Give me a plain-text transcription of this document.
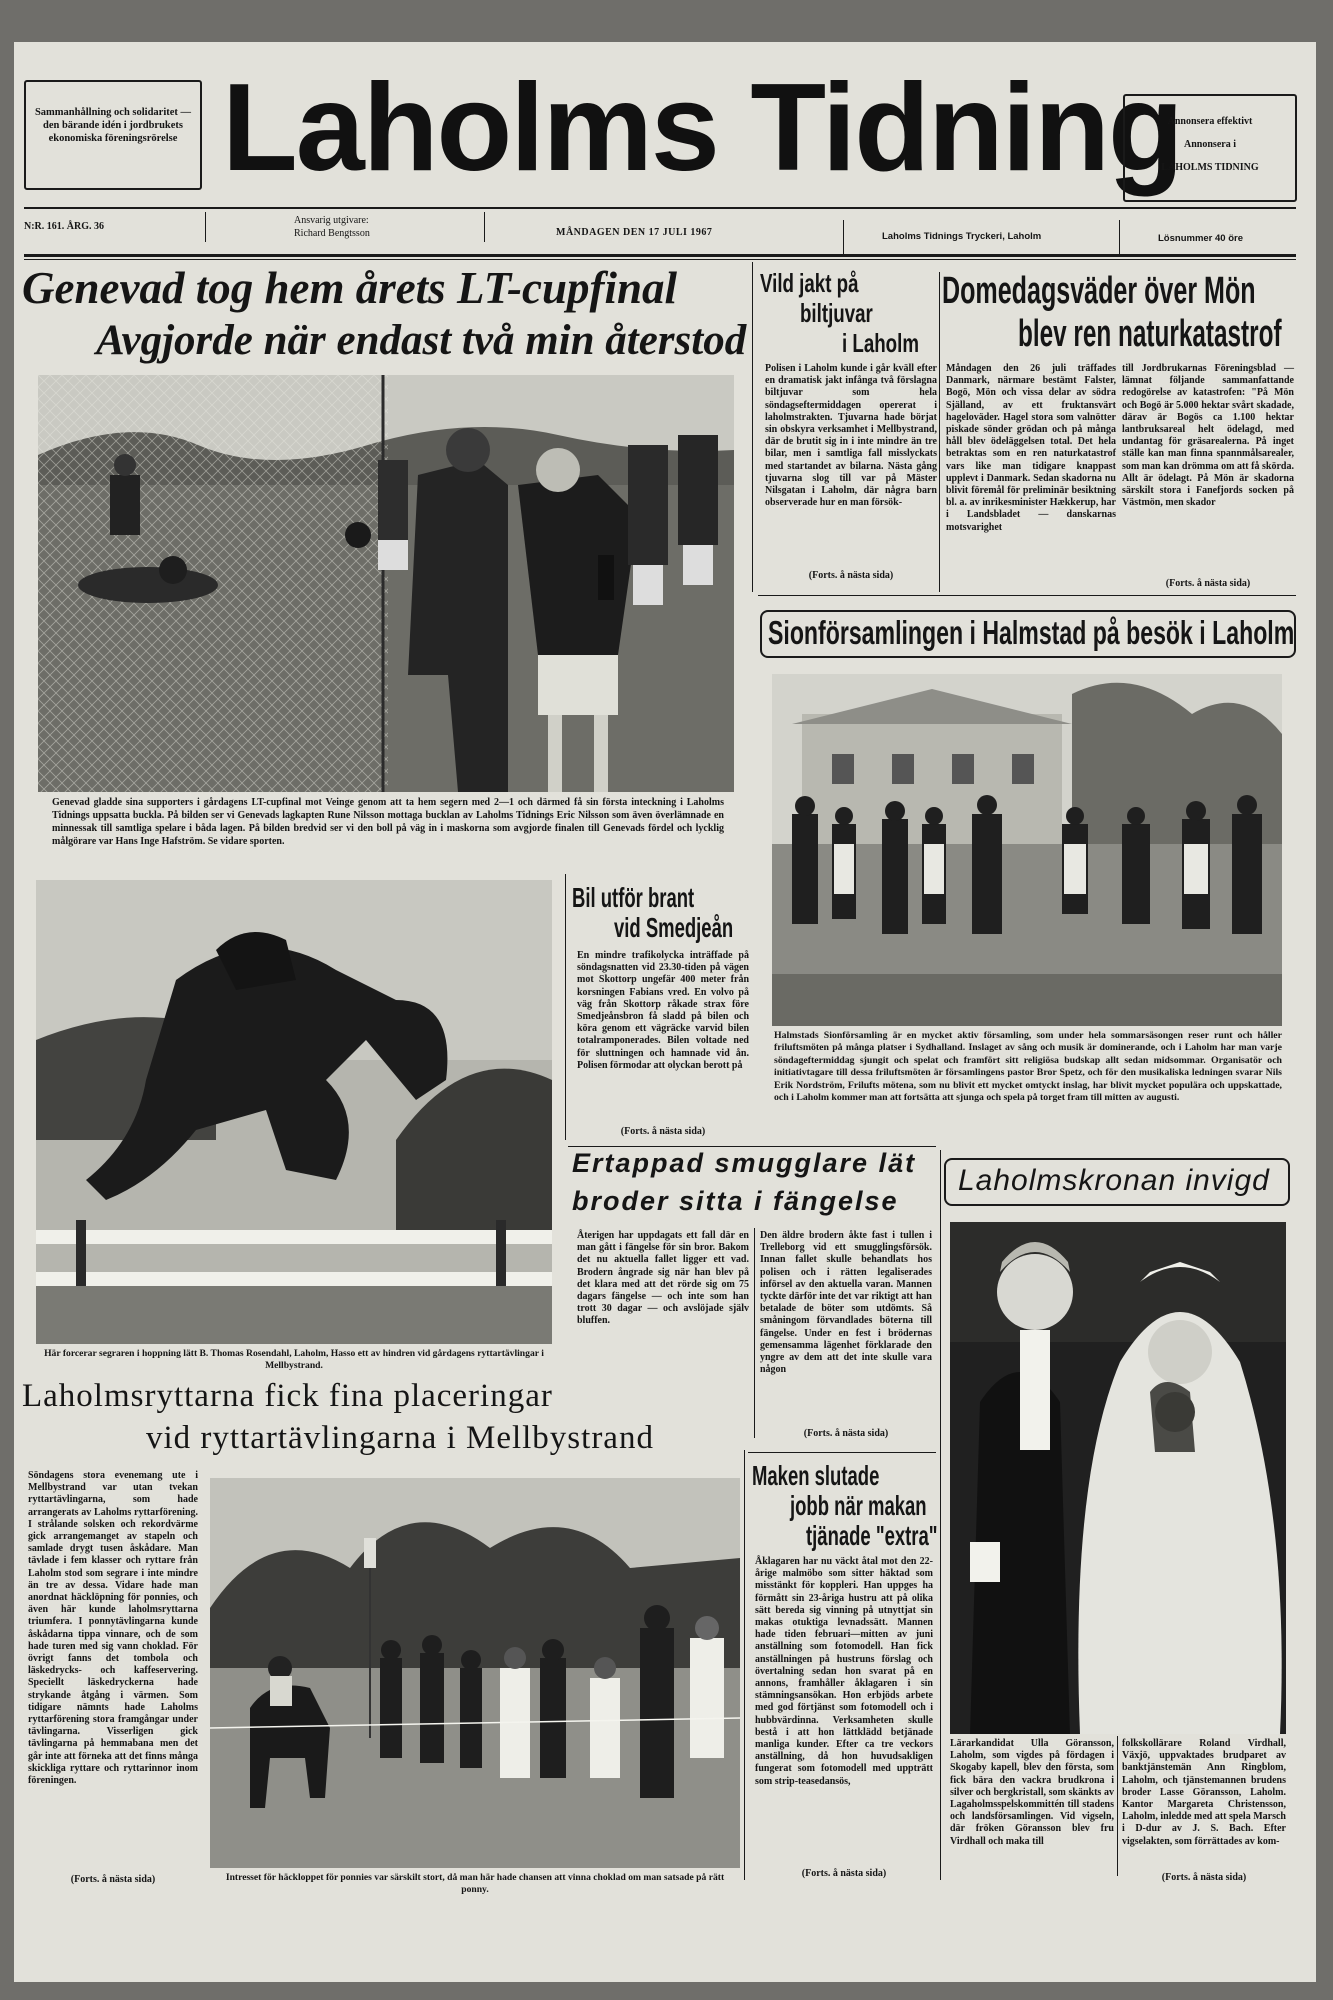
Sammanhållning och solidaritet — den bärande idén i jordbrukets ekonomiska föreningsrörelse Laholms Tidning
Annonsera effektivt
Annonsera i
LAHOLMS TIDNING
N:R. 161. ÅRG. 36
Ansvarig utgivare:
Richard Bengtsson	MÅNDAGEN DEN 17 JULI 1967	Laholms Tidnings Tryckeri, Laholm	Lösnummer 40 öre
Genevad tog hem årets LT-cupfinal
Avgjorde när endast två min återstod
Genevad gladde sina supporters i gårdagens LT-cupfinal mot Veinge genom att ta hem segern med 2—1 och därmed få sin första inteckning i Laholms Tidnings uppsatta buckla. På bilden ser vi Genevads lagkapten Rune Nilsson mottaga bucklan av Laholms Tidnings Eric Nilsson som även överlämnade en minnessak till samtliga spelare i båda lagen. På bilden bredvid ser vi den boll på väg in i maskorna som avgjorde finalen till Genevads fördel och lycklig målgörare var Hans Inge Hafström. Se vidare sporten.
Vild jakt på
biltjuvar
i Laholm
Polisen i Laholm kunde i går kväll efter en dramatisk jakt infånga två förslagna biltjuvar som hela söndagseftermiddagen opererat i laholmstrakten. Tjuvarna hade börjat sin obskyra verksamhet i Mellbystrand, där de brutit sig in i inte mindre än tre bilar, men i samtliga fall misslyckats med startandet av bilarna. Nästa gång tjuvarna slog till var på Mäster Nilsgatan i Laholm, där några barn observerade hur en man försök-
(Forts. å nästa sida)
Domedagsväder över Mön
blev ren naturkatastrof
Måndagen den 26 juli träffades Danmark, närmare bestämt Falster, Bogö, Mön och vissa delar av södra Själland, av ett fruktansvärt hageloväder. Hagel stora som valnötter piskade sönder grödan och på många håll blev ödeläggelsen total. Det hela betraktas som en ren naturkatastrof vars like man tidigare knappast upplevt i Danmark. Sedan skadorna nu blivit föremål för preliminär besiktning bl. a. av inrikesminister Hækkerup, har i Landsbladet — danskarnas motsvarighet
till Jordbrukarnas Föreningsblad — lämnat följande sammanfattande redogörelse av katastrofen: "På Mön och Bogö är 5.000 hektar svårt skadade, därav är Bogös ca 1.100 hektar lantbruksareal helt ödelagd, med undantag för gräsarealerna. På inget ställe kan man finna spannmålsarealer, som man kan drömma om att få skörda. Allt är ödelagt. På Mön är skadorna särskilt stora i Fanefjords socken på Västmön, men skador
(Forts. å nästa sida)
Sionförsamlingen i Halmstad på besök i Laholm
Halmstads Sionförsamling är en mycket aktiv församling, som under hela sommarsäsongen reser runt och håller friluftsmöten på många platser i Sydhalland. Inslaget av sång och musik är dominerande, och i Laholm har man varje söndageftermiddag sjungit och spelat och framfört sitt religiösa budskap allt sedan midsommar. Organisatör och initiativtagare till dessa friluftsmöten är församlingens pastor Bror Spetz, och för den musikaliska ledningen svarar Nils Erik Nordström, Frilufts mötena, som nu blivit ett mycket omtyckt inslag, har blivit mycket populära och uppskattade, och i Laholm kommer man att fortsätta att sjunga och spela på torget fram till mitten av augusti.
Här forcerar segraren i hoppning lätt B. Thomas Rosendahl, Laholm, Hasso ett av hindren vid gårdagens ryttartävlingar i Mellbystrand.
Bil utför brant
vid Smedjeån
En mindre trafikolycka inträffade på söndagsnatten vid 23.30-tiden på vägen mot Skottorp ungefär 400 meter från korsningen Fabians vred. En volvo på väg från Skottorp råkade strax före Smedjeånsbron få sladd på bilen och köra genom ett vägräcke varvid bilen totalramponerades. Bilen voltade ned för sluttningen och hamnade vid ån. Polisen förmodar att olyckan berott på
(Forts. å nästa sida)
Ertappad smugglare lät
broder sitta i fängelse
Återigen har uppdagats ett fall där en man gått i fängelse för sin bror. Bakom det nu aktuella fallet ligger ett vad. Brodern ångrade sig när han blev på det klara med att det rörde sig om 75 dagars fängelse — och inte som han trott 30 dagar — och avslöjade själv bluffen.
Den äldre brodern åkte fast i tullen i Trelleborg vid ett smugglingsförsök. Innan fallet skulle behandlats hos polisen och i rätten legaliserades införsel av den aktuella varan. Mannen tyckte därför inte det var riktigt att han betalade de böter som utdömts. Så småningom förvandlades böterna till fängelse. Under en fest i brödernas gemensamma lägenhet förklarade den yngre av dem att det inte skulle vara någon
(Forts. å nästa sida)
Laholmskronan invigd
Lärarkandidat Ulla Göransson, Laholm, som vigdes på fördagen i Skogaby kapell, blev den första, som fick bära den vackra brudkrona i silver och bergkristall, som skänkts av Lagaholmsspelskommittén till stadens och landsförsamlingen. Vid vigseln, där fröken Göransson blev fru Virdhall och maka till
folkskollärare Roland Virdhall, Växjö, uppvaktades brudparet av banktjänstemän Ann Ringblom, Laholm, och tjänstemannen brudens broder Lasse Göransson, Laholm. Kantor Margareta Christensson, Laholm, inledde med att spela Marsch i D-dur av J. S. Bach. Efter vigselakten, som förrättades av kom-
(Forts. å nästa sida)
Laholmsryttarna fick fina placeringar
vid ryttartävlingarna i Mellbystrand
Söndagens stora evenemang ute i Mellbystrand var utan tvekan ryttartävlingarna, som hade arrangerats av Laholms ryttarförening. I strålande solsken och rekordvärme gick arrangemanget av stapeln och samlade drygt tusen åskådare. Man tävlade i fem klasser och ryttare från Laholm stod som segrare i inte mindre än tre av dessa. Vidare hade man anordnat häcklöpning för ponnies, och även här kunde laholmsryttarna triumfera. I ponnytävlingarna kunde åskådarna tippa vinnare, och de som hade turen med sig vann choklad. För övrigt fanns det tombola och läskedrycks- och kaffeservering. Speciellt läskedryckerna hade strykande åtgång i värmen. Som tidigare nämnts hade Laholms ryttarförening stora framgångar under tävlingarna. Visserligen gick tävlingarna på hemmabana men det går inte att förneka att det finns många skickliga ryttare och ryttarinnor inom föreningen.
(Forts. å nästa sida)	Intresset för häckloppet för ponnies var särskilt stort, då man här hade chansen att vinna choklad om man satsade på rätt ponny.
Maken slutade
jobb när makan
tjänade "extra"
Åklagaren har nu väckt åtal mot den 22-årige malmöbo som sitter häktad som misstänkt för koppleri. Han uppges ha förmått sin 23-åriga hustru att på olika sätt bereda sig vinning på utnyttjat sin makas otuktiga levnadssätt. Mannen hade tiden februari—mitten av juni anställning som fotomodell. Han fick anställningen på hustruns förslag och övertalning sedan hon svarat på en annons, framhåller åklagaren i sin stämningsansökan. Hon erbjöds arbete med god förtjänst som fotomodell och i hubbvärdinna. Verksamheten skulle bestå i att hon lättklädd betjänade manliga kunder. Efter ca tre veckors anställning, då hon huvudsakligen fungerat som fotomodell med uppträtt som strip-teasedansös,
(Forts. å nästa sida)
